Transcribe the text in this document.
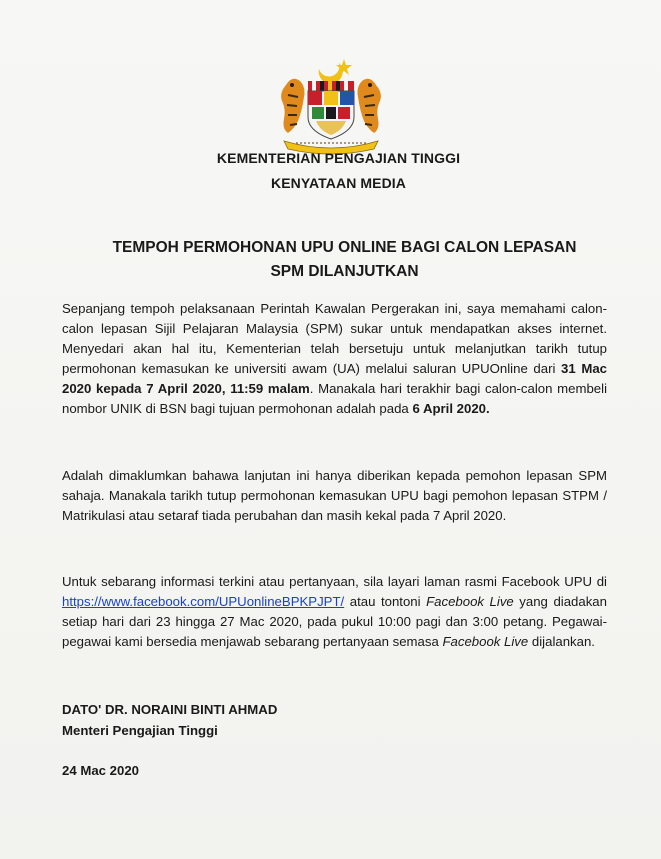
KEMENTERIAN PENGAJIAN TINGGI
KENYATAAN MEDIA
TEMPOH PERMOHONAN UPU ONLINE BAGI CALON LEPASAN
SPM DILANJUTKAN

Sepanjang tempoh pelaksanaan Perintah Kawalan Pergerakan ini, saya memahami calon-calon lepasan Sijil Pelajaran Malaysia (SPM) sukar untuk mendapatkan akses internet. Menyedari akan hal itu, Kementerian telah bersetuju untuk melanjutkan tarikh tutup permohonan kemasukan ke universiti awam (UA) melalui saluran UPUOnline dari 31 Mac 2020 kepada 7 April 2020, 11:59 malam. Manakala hari terakhir bagi calon-calon membeli nombor UNIK di BSN bagi tujuan permohonan adalah pada 6 April 2020.

Adalah dimaklumkan bahawa lanjutan ini hanya diberikan kepada pemohon lepasan SPM sahaja. Manakala tarikh tutup permohonan kemasukan UPU bagi pemohon lepasan STPM / Matrikulasi atau setaraf tiada perubahan dan masih kekal pada 7 April 2020.

Untuk sebarang informasi terkini atau pertanyaan, sila layari laman rasmi Facebook UPU di https://www.facebook.com/UPUonlineBPKPJPT/ atau tontoni Facebook Live yang diadakan setiap hari dari 23 hingga 27 Mac 2020, pada pukul 10:00 pagi dan 3:00 petang. Pegawai-pegawai kami bersedia menjawab sebarang pertanyaan semasa Facebook Live dijalankan.

DATO' DR. NORAINI BINTI AHMAD
Menteri Pengajian Tinggi
24 Mac 2020
